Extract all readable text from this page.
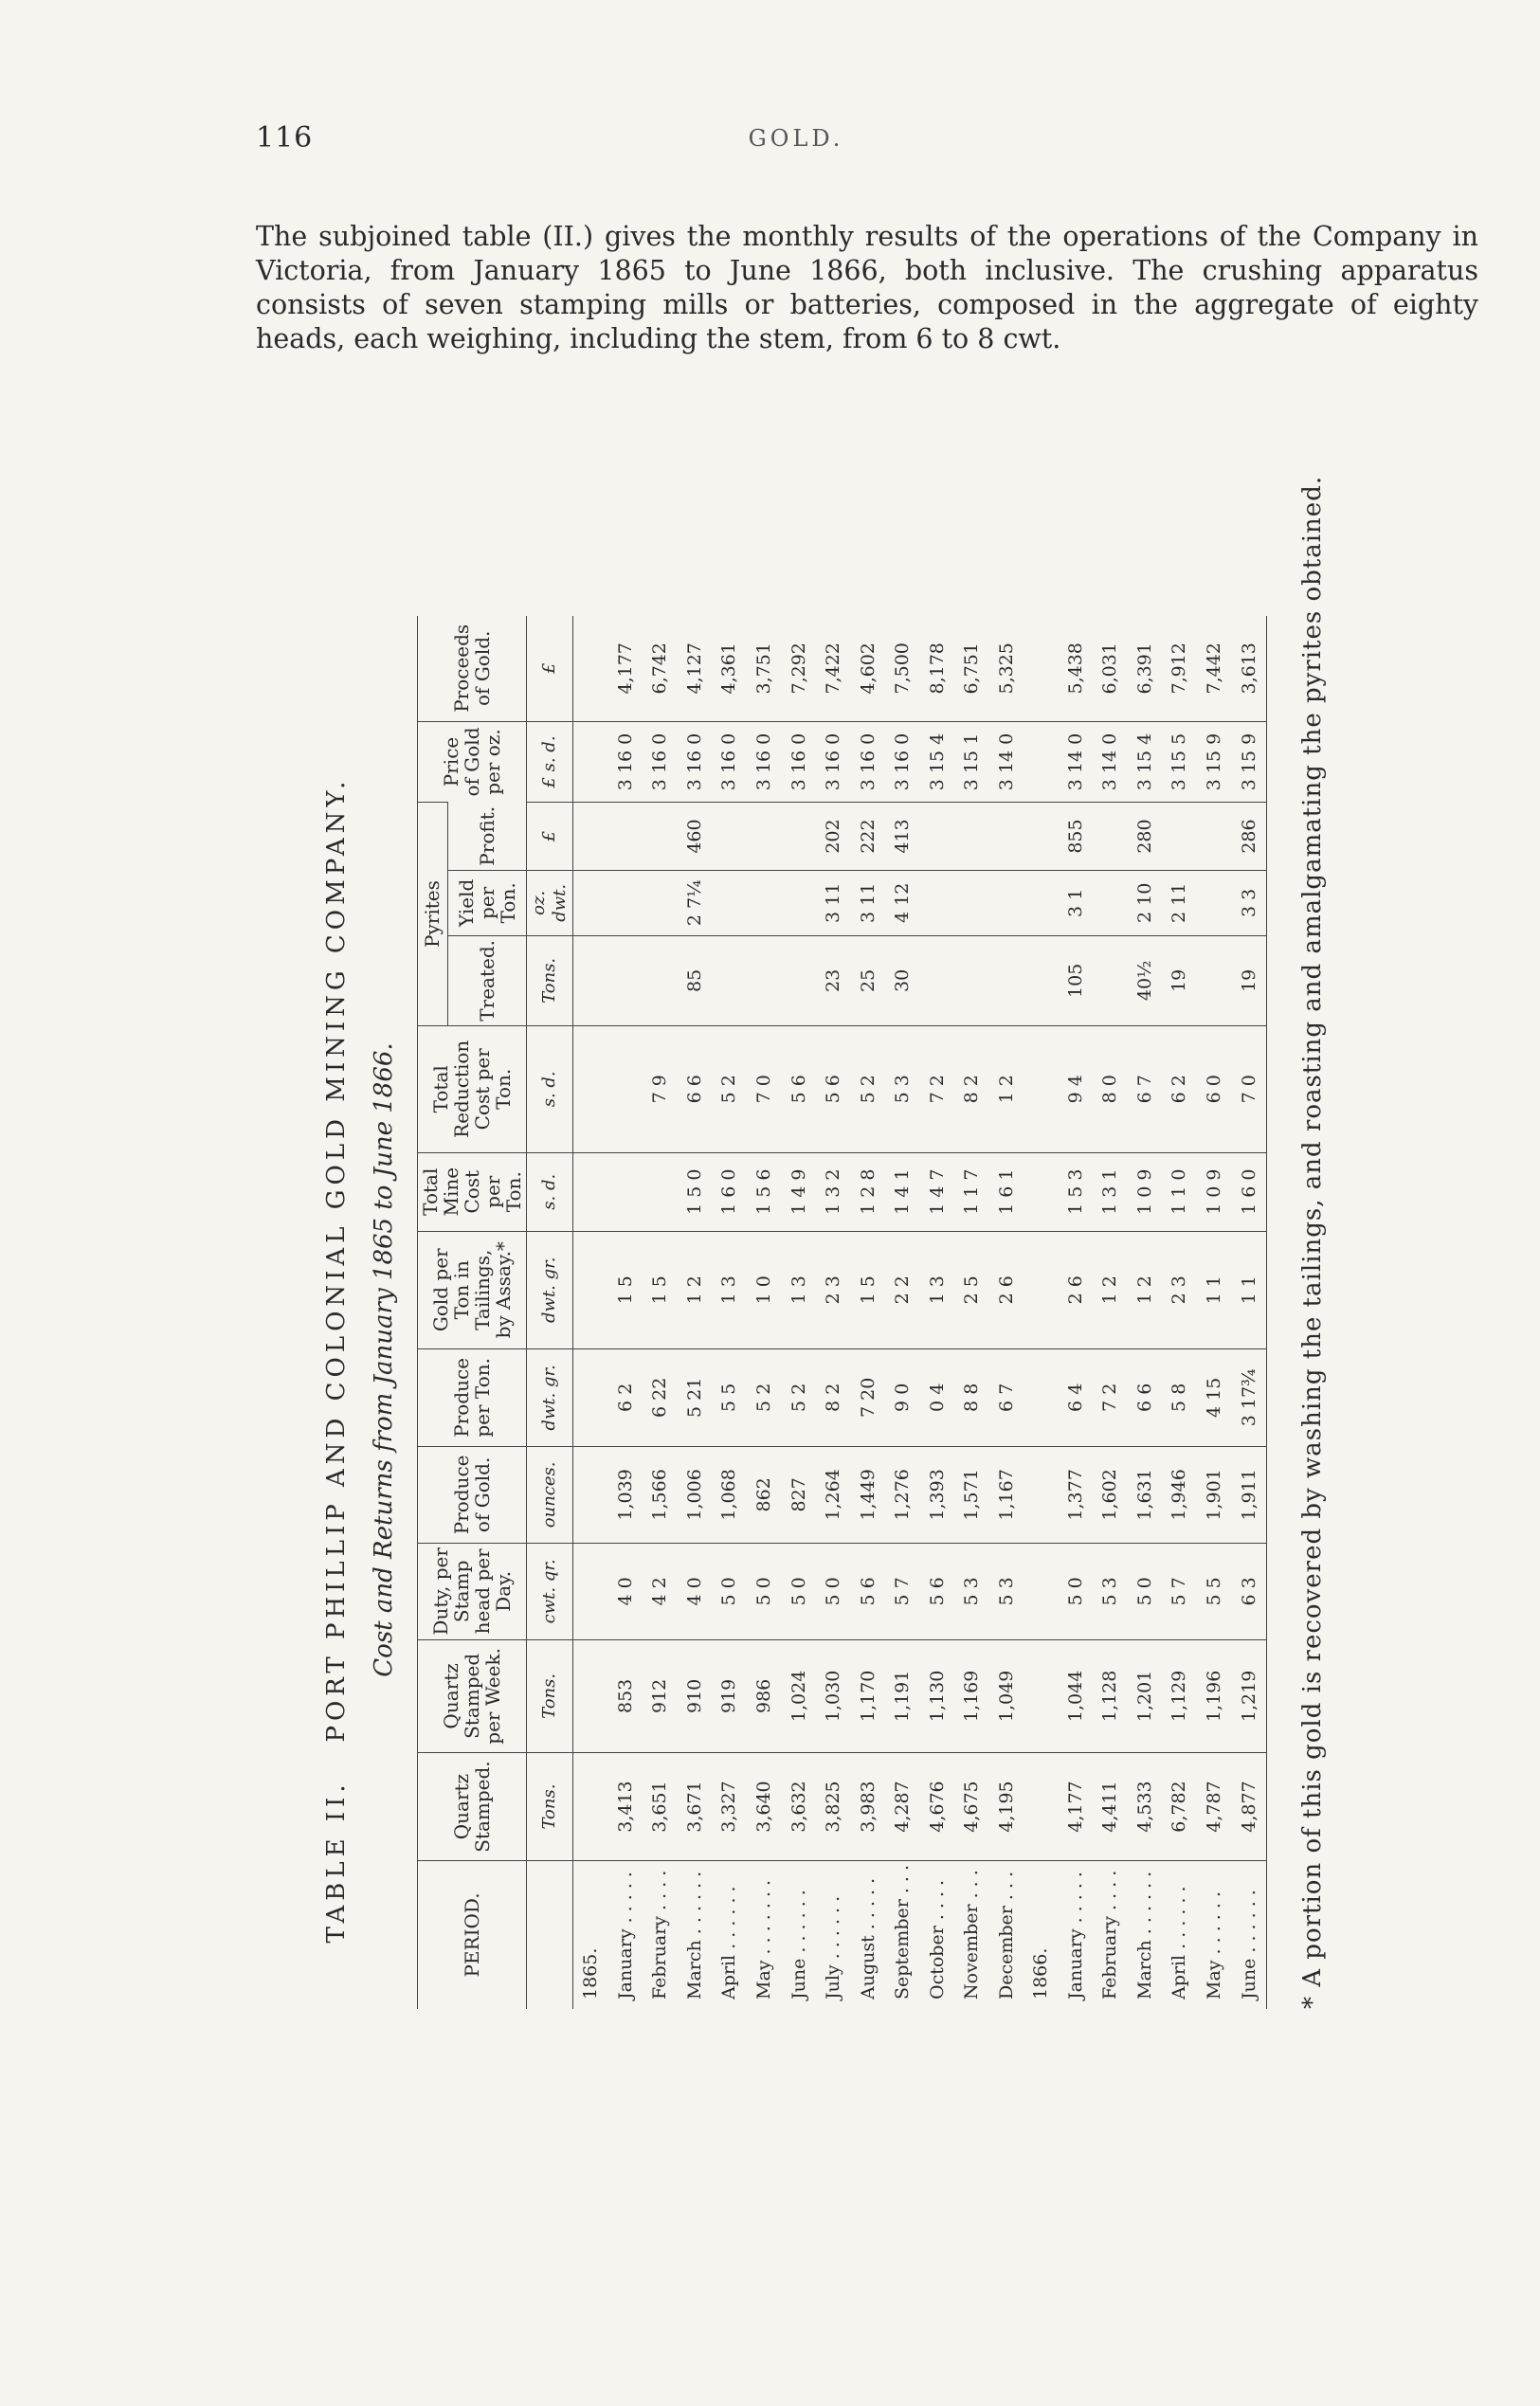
116	GOLD.

The subjoined table (II.) gives the monthly results of the operations of the Company in Victoria, from January 1865 to June 1866, both inclusive. The crushing apparatus consists of seven stamping mills or batteries, composed in the aggregate of eighty heads, each weighing, including the stem, from 6 to 8 cwt.

TABLE II.   PORT PHILLIP AND COLONIAL GOLD MINING COMPANY. Cost and Returns from January 1865 to June 1866.
PERIOD.	Quartz Stamped.	Quartz Stamped per Week.	Duty, per Stamp head per Day.	Produce of Gold.	Produce per Ton.	Gold per Ton in Tailings, by Assay.*	Total Mine Cost per Ton.	Total Reduction Cost per Ton.	Pyrites			Price of Gold per oz.	Proceeds of Gold.
									Treated.	Yield per Ton.	Profit.		
	Tons.	Tons.	cwt. qr.	ounces.	dwt. gr.	dwt. gr.	s. d.	s. d.	Tons.	oz. dwt.	£	£ s. d.	£
1865.													
January . . . . .	3,413	853	4 0	1,039	6 2	1 5						3 16 0	4,177
February . . . .	3,651	912	4 2	1,566	6 22	1 5		7 9				3 16 0	6,742
March . . . . . .	3,671	910	4 0	1,006	5 21	1 2	1 5 0	6 6	85	2 7¼	460	3 16 0	4,127
April . . . . . .	3,327	919	5 0	1,068	5 5	1 3	1 6 0	5 2				3 16 0	4,361
May . . . . . . .	3,640	986	5 0	862	5 2	1 0	1 5 6	7 0				3 16 0	3,751
June . . . . . .	3,632	1,024	5 0	827	5 2	1 3	1 4 9	5 6				3 16 0	7,292
July . . . . . .	3,825	1,030	5 0	1,264	8 2	2 3	1 3 2	5 6	23	3 11	202	3 16 0	7,422
August . . . . .	3,983	1,170	5 6	1,449	7 20	1 5	1 2 8	5 2	25	3 11	222	3 16 0	4,602
September . . .	4,287	1,191	5 7	1,276	9 0	2 2	1 4 1	5 3	30	4 12	413	3 16 0	7,500
October . . . .	4,676	1,130	5 6	1,393	0 4	1 3	1 4 7	7 2				3 15 4	8,178
November . . .	4,675	1,169	5 3	1,571	8 8	2 5	1 1 7	8 2				3 15 1	6,751
December . . .	4,195	1,049	5 3	1,167	6 7	2 6	1 6 1	1 2				3 14 0	5,325
1866.													
January . . . . .	4,177	1,044	5 0	1,377	6 4	2 6	1 5 3	9 4	105	3 1	855	3 14 0	5,438
February . . . .	4,411	1,128	5 3	1,602	7 2	1 2	1 3 1	8 0				3 14 0	6,031
March . . . . . .	4,533	1,201	5 0	1,631	6 6	1 2	1 0 9	6 7	40½	2 10	280	3 15 4	6,391
April . . . . . .	6,782	1,129	5 7	1,946	5 8	2 3	1 1 0	6 2	19	2 11		3 15 5	7,912
May . . . . . .	4,787	1,196	5 5	1,901	4 15	1 1	1 0 9	6 0				3 15 9	7,442
June . . . . . .	4,877	1,219	6 3	1,911	3 17¾	1 1	1 6 0	7 0	19	3 3	286	3 15 9	3,613 * A portion of this gold is recovered by washing the tailings, and roasting and amalgamating the pyrites obtained.
